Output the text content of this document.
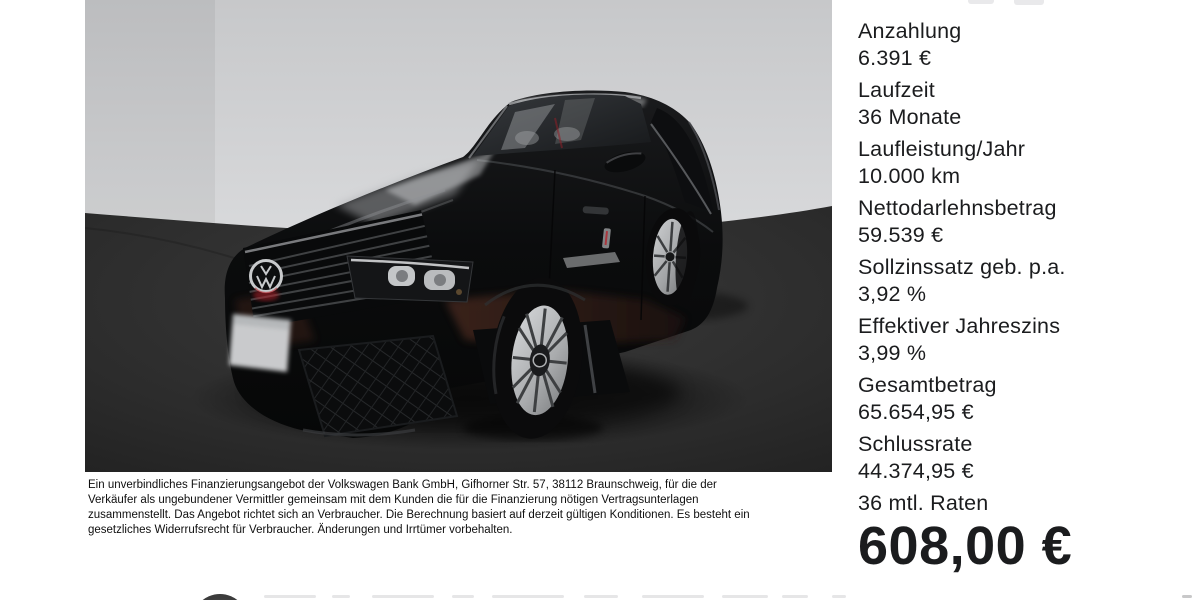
Anzahlung
6.391 €
Laufzeit
36 Monate
Laufleistung/Jahr
10.000 km
Nettodarlehnsbetrag
59.539 €
Sollzinssatz geb. p.a.
3,92 %
Effektiver Jahreszins
3,99 %
Gesamtbetrag
65.654,95 €
Schlussrate
44.374,95 €
36 mtl. Raten
608,00 €
Ein unverbindliches Finanzierungsangebot der Volkswagen Bank GmbH, Gifhorner Str. 57, 38112 Braunschweig, für die der
Verkäufer als ungebundener Vermittler gemeinsam mit dem Kunden die für die Finanzierung nötigen Vertragsunterlagen
zusammenstellt. Das Angebot richtet sich an Verbraucher. Die Berechnung basiert auf derzeit gültigen Konditionen. Es besteht ein
gesetzliches Widerrufsrecht für Verbraucher. Änderungen und Irrtümer vorbehalten.
